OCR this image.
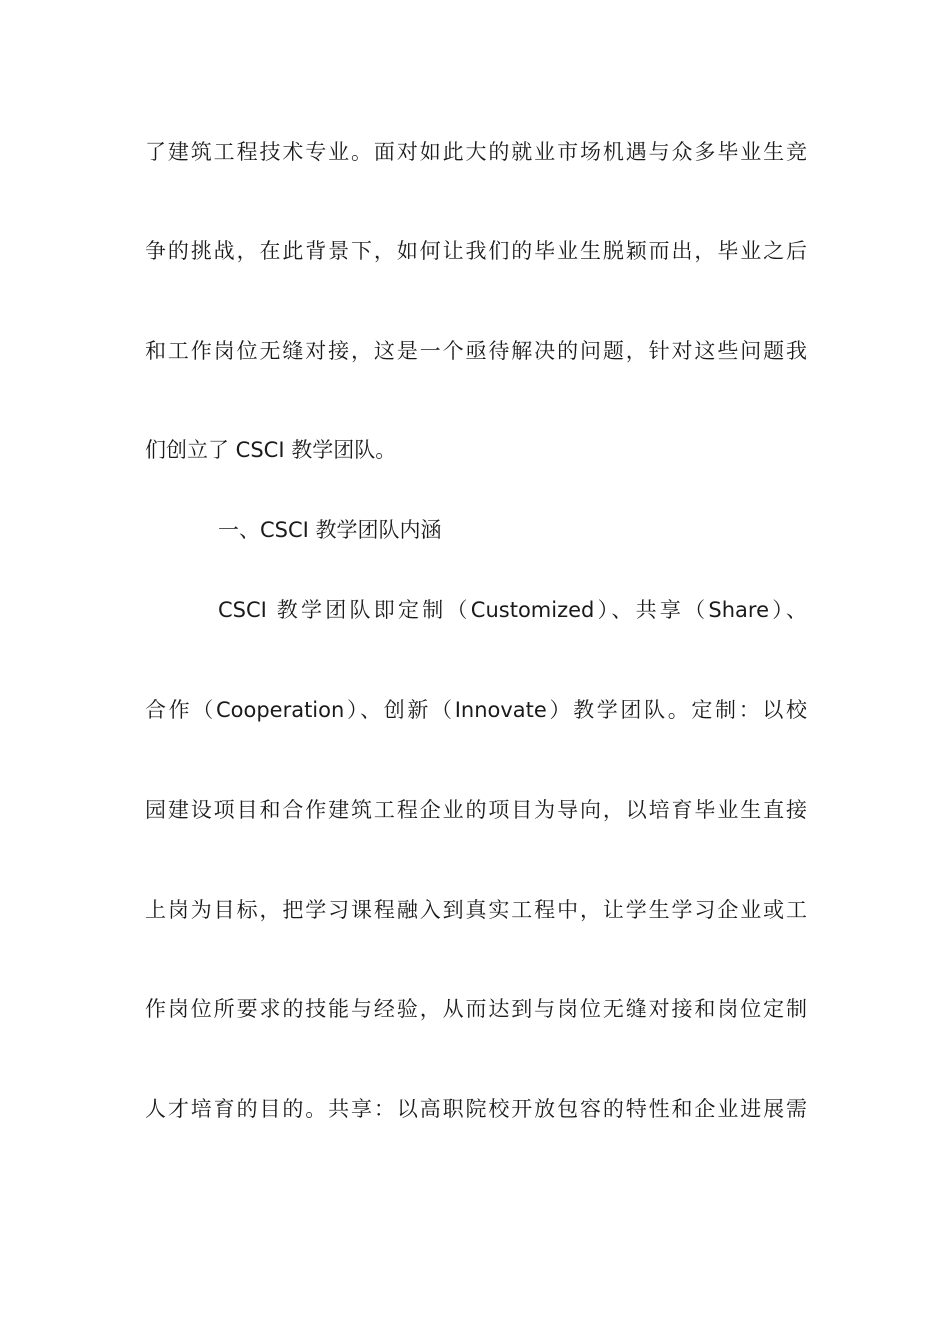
了建筑工程技术专业。面对如此大的就业市场机遇与众多毕业生竞
争的挑战，在此背景下，如何让我们的毕业生脱颖而出，毕业之后
和工作岗位无缝对接，这是一个亟待解决的问题，针对这些问题我
们创立了 CSCI 教学团队。
一、CSCI 教学团队内涵
CSCI 教学团队即定制（Customized）、共享（Share）、
合作（Cooperation）、创新（Innovate）教学团队。定制：以校
园建设项目和合作建筑工程企业的项目为导向，以培育毕业生直接
上岗为目标，把学习课程融入到真实工程中，让学生学习企业或工
作岗位所要求的技能与经验，从而达到与岗位无缝对接和岗位定制
人才培育的目的。共享：以高职院校开放包容的特性和企业进展需
